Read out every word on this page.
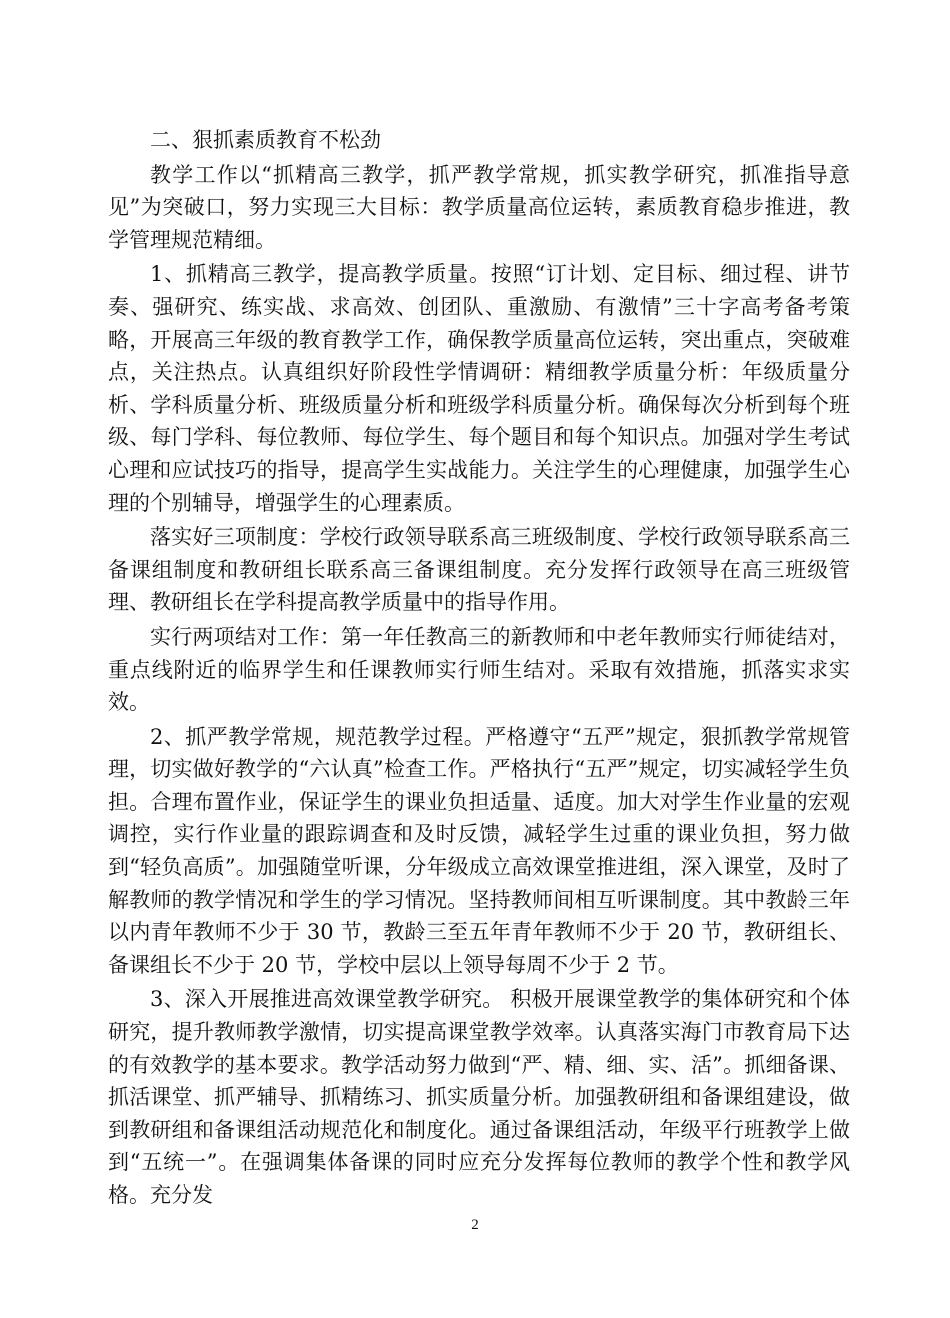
二、狠抓素质教育不松劲

教学工作以“抓精高三教学，抓严教学常规，抓实教学研究，抓准指导意见”为突破口，努力实现三大目标：教学质量高位运转，素质教育稳步推进，教学管理规范精细。

1、抓精高三教学，提高教学质量。按照“订计划、定目标、细过程、讲节奏、强研究、练实战、求高效、创团队、重激励、有激情”三十字高考备考策略，开展高三年级的教育教学工作，确保教学质量高位运转，突出重点，突破难点，关注热点。认真组织好阶段性学情调研：精细教学质量分析：年级质量分析、学科质量分析、班级质量分析和班级学科质量分析。确保每次分析到每个班级、每门学科、每位教师、每位学生、每个题目和每个知识点。加强对学生考试心理和应试技巧的指导，提高学生实战能力。关注学生的心理健康，加强学生心理的个别辅导，增强学生的心理素质。

落实好三项制度：学校行政领导联系高三班级制度、学校行政领导联系高三备课组制度和教研组长联系高三备课组制度。充分发挥行政领导在高三班级管理、教研组长在学科提高教学质量中的指导作用。

实行两项结对工作：第一年任教高三的新教师和中老年教师实行师徒结对，重点线附近的临界学生和任课教师实行师生结对。采取有效措施，抓落实求实效。

2、抓严教学常规，规范教学过程。严格遵守“五严”规定，狠抓教学常规管理，切实做好教学的“六认真”检查工作。严格执行“五严”规定，切实减轻学生负担。合理布置作业，保证学生的课业负担适量、适度。加大对学生作业量的宏观调控，实行作业量的跟踪调查和及时反馈，减轻学生过重的课业负担，努力做到“轻负高质”。加强随堂听课，分年级成立高效课堂推进组，深入课堂，及时了解教师的教学情况和学生的学习情况。坚持教师间相互听课制度。其中教龄三年以内青年教师不少于 30 节，教龄三至五年青年教师不少于 20 节，教研组长、备课组长不少于 20 节，学校中层以上领导每周不少于 2 节。

3、深入开展推进高效课堂教学研究。 积极开展课堂教学的集体研究和个体研究，提升教师教学激情，切实提高课堂教学效率。认真落实海门市教育局下达的有效教学的基本要求。教学活动努力做到“严、精、细、实、活”。抓细备课、抓活课堂、抓严辅导、抓精练习、抓实质量分析。加强教研组和备课组建设，做到教研组和备课组活动规范化和制度化。通过备课组活动，年级平行班教学上做到“五统一”。在强调集体备课的同时应充分发挥每位教师的教学个性和教学风格。充分发

2
